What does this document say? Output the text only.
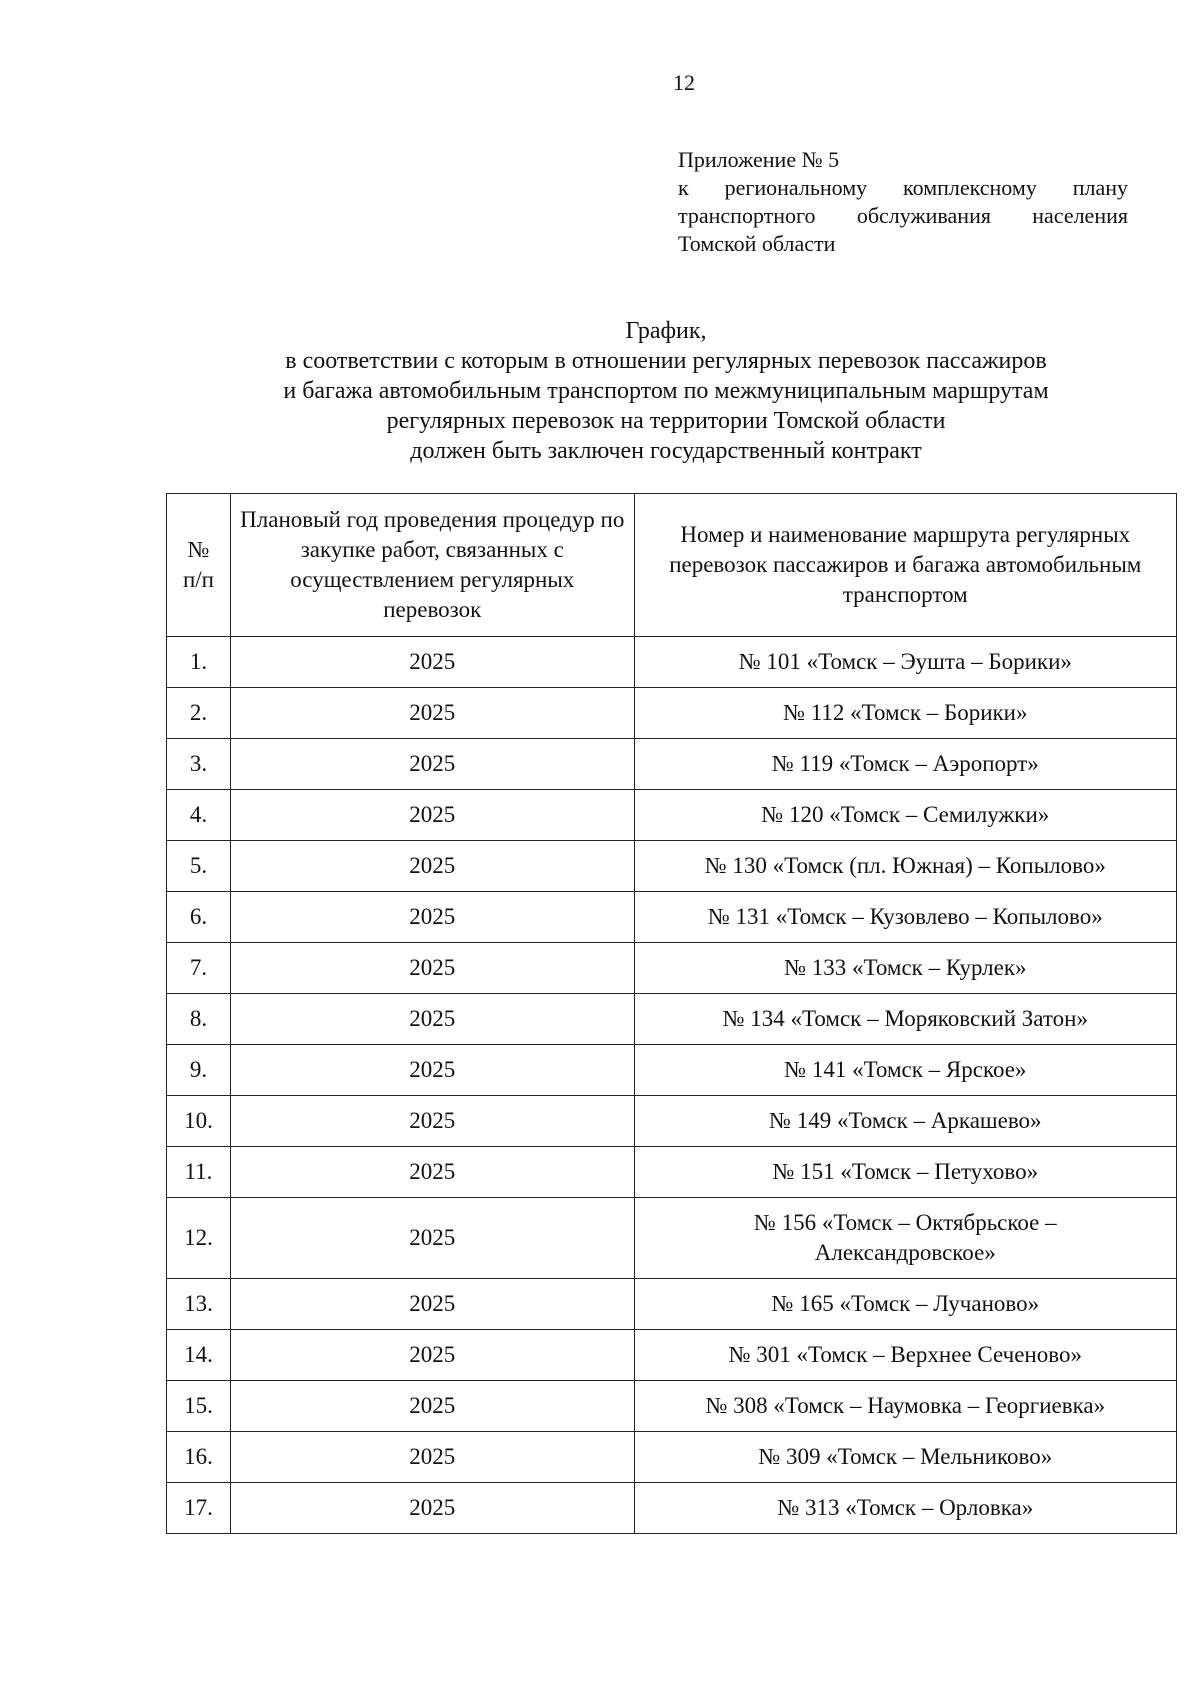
12
Приложение № 5
к региональному комплексному плану
транспортного обслуживания населения
Томской области
График,
в соответствии с которым в отношении регулярных перевозок пассажиров
и багажа автомобильным транспортом по межмуниципальным маршрутам
регулярных перевозок на территории Томской области
должен быть заключен государственный контракт
№
п/п	Плановый год проведения процедур по закупке работ, связанных с осуществлением регулярных перевозок	Номер и наименование маршрута регулярных перевозок пассажиров и багажа автомобильным транспортом
1.	2025	№ 101 «Томск – Эушта – Борики»
2.	2025	№ 112 «Томск – Борики»
3.	2025	№ 119 «Томск – Аэропорт»
4.	2025	№ 120 «Томск – Семилужки»
5.	2025	№ 130 «Томск (пл. Южная) – Копылово»
6.	2025	№ 131 «Томск – Кузовлево – Копылово»
7.	2025	№ 133 «Томск – Курлек»
8.	2025	№ 134 «Томск – Моряковский Затон»
9.	2025	№ 141 «Томск – Ярское»
10.	2025	№ 149 «Томск – Аркашево»
11.	2025	№ 151 «Томск – Петухово»
12.	2025	№ 156 «Томск – Октябрьское –
Александровское»
13.	2025	№ 165 «Томск – Лучаново»
14.	2025	№ 301 «Томск – Верхнее Сеченово»
15.	2025	№ 308 «Томск – Наумовка – Георгиевка»
16.	2025	№ 309 «Томск – Мельниково»
17.	2025	№ 313 «Томск – Орловка»
